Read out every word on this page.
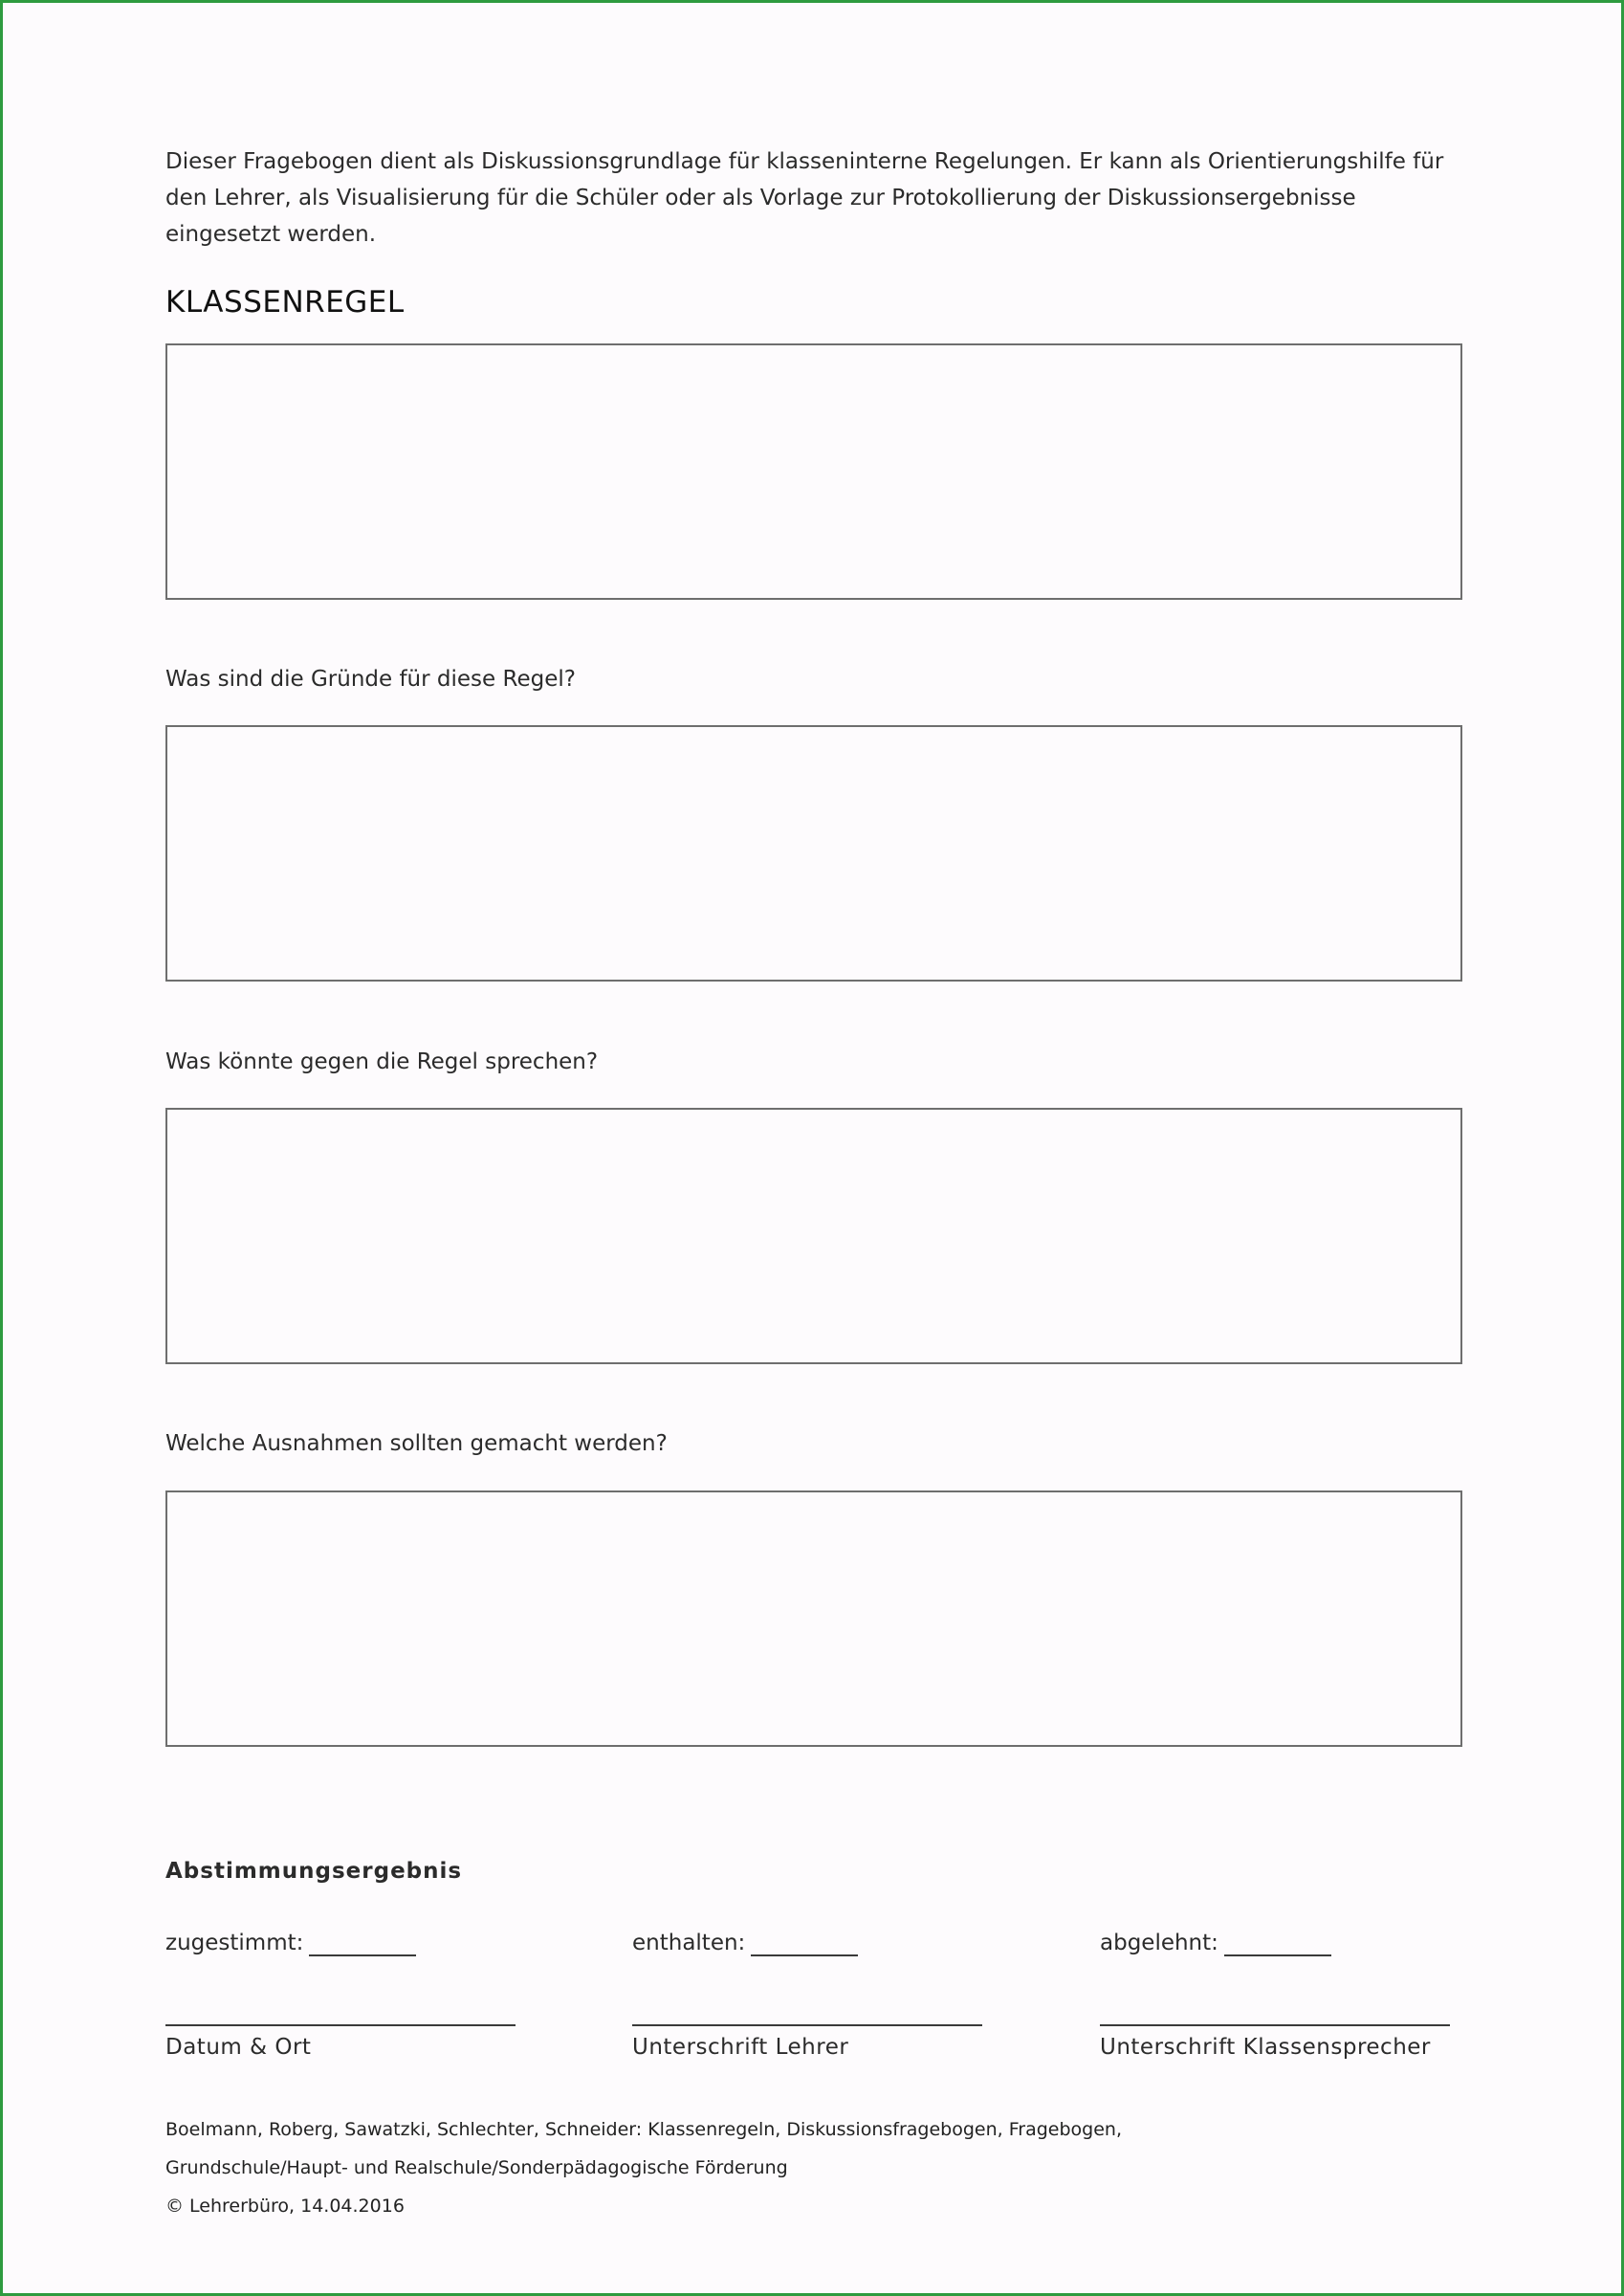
Dieser Fragebogen dient als Diskussionsgrundlage für klasseninterne Regelungen. Er kann als Orientierungshilfe für den Lehrer, als Visualisierung für die Schüler oder als Vorlage zur Protokollierung der Diskussionsergebnisse eingesetzt werden.

KLASSENREGEL

Was sind die Gründe für diese Regel?

Was könnte gegen die Regel sprechen?

Welche Ausnahmen sollten gemacht werden?

Abstimmungsergebnis
zugestimmt:	enthalten:	abgelehnt:
Datum & Ort	Unterschrift Lehrer	Unterschrift Klassensprecher
Boelmann, Roberg, Sawatzki, Schlechter, Schneider: Klassenregeln, Diskussionsfragebogen, Fragebogen,
Grundschule/Haupt- und Realschule/Sonderpädagogische Förderung
© Lehrerbüro, 14.04.2016
